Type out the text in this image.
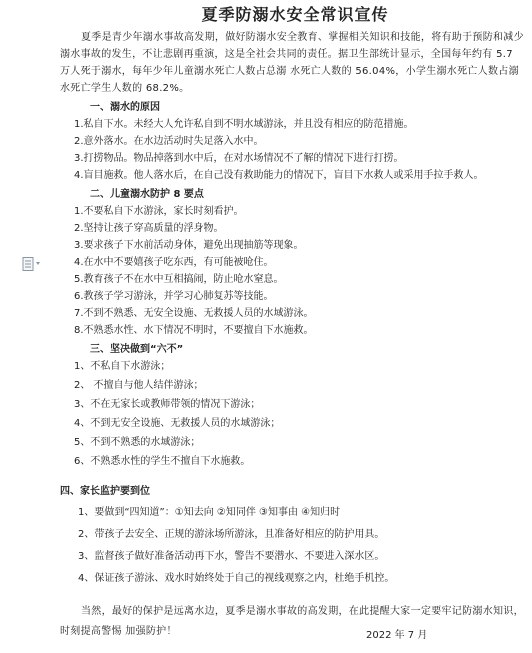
夏季防溺水安全常识宣传

夏季是青少年溺水事故高发期，做好防溺水安全教育、掌握相关知识和技能，将有助于预防和减少溺水事故的发生，不让悲剧再重演，这是全社会共同的责任。据卫生部统计显示，全国每年约有 5.7 万人死于溺水，每年少年儿童溺水死亡人数占总溺 水死亡人数的 56.04%，小学生溺水死亡人数占溺水死亡学生人数的 68.2%。

一、溺水的原因

1.私自下水。未经大人允许私自到不明水域游泳，并且没有相应的防范措施。

2.意外落水。在水边活动时失足落入水中。

3.打捞物品。物品掉落到水中后，在对水场情况不了解的情况下进行打捞。

4.盲目施救。他人落水后，在自己没有救助能力的情况下，盲目下水救人或采用手拉手救人。

二、儿童溺水防护 8 要点

1.不要私自下水游泳，家长时刻看护。

2.坚持让孩子穿高质量的浮身物。

3.要求孩子下水前活动身体，避免出现抽筋等现象。

4.在水中不要嬉孩子吃东西，有可能被呛住。

5.教育孩子不在水中互相搞闹，防止呛水窒息。

6.教孩子学习游泳，并学习心肺复苏等技能。

7.不到不熟悉、无安全设施、无救援人员的水域游泳。

8.不熟悉水性、水下情况不明时，不要擅自下水施救。

三、坚决做到“六不”

1、不私自下水游泳；

2、 不擅自与他人结伴游泳；

3、不在无家长或教师带领的情况下游泳；

4、不到无安全设施、无救援人员的水域游泳；

5、不到不熟悉的水域游泳；

6、不熟悉水性的学生不擅自下水施救。

四、家长监护要到位

1、要做到“四知道”：①知去向 ②知同伴 ③知事由 ④知归时

2、带孩子去安全、正规的游泳场所游泳，且准备好相应的防护用具。

3、监督孩子做好准备活动再下水，警告不要潜水、不要进入深水区。

4、保证孩子游泳、戏水时始终处于自己的视线观察之内，杜绝手机控。

当然，最好的保护是远离水边，夏季是溺水事故的高发期，在此提醒大家一定要牢记防溺水知识，时刻提高警惕 加强防护！	2022 年 7 月
